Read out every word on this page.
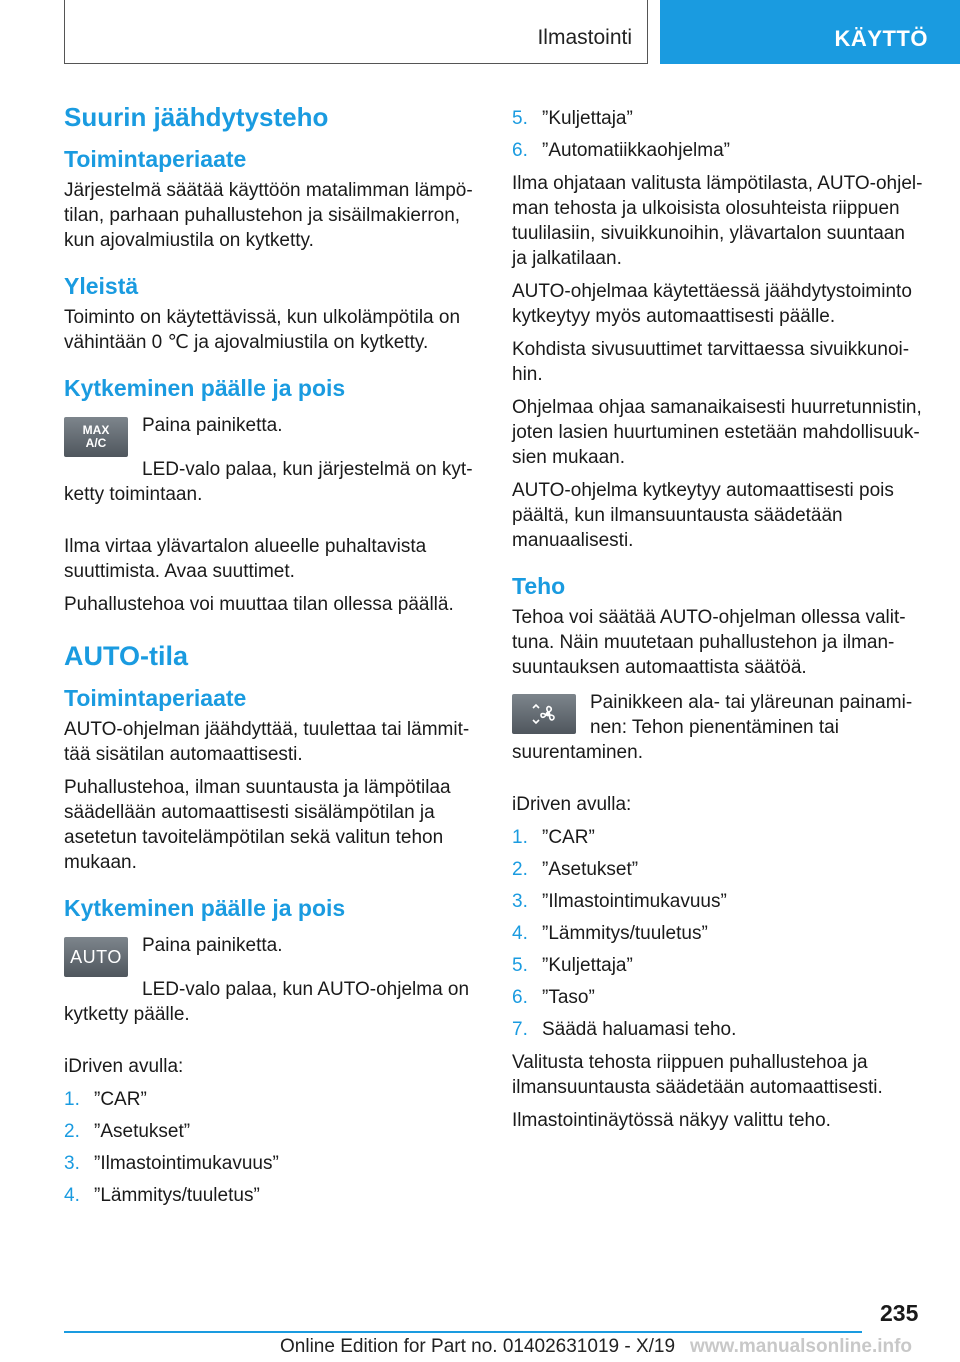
Ilmastointi	KÄYTTÖ
Suurin jäähdytysteho
Toimintaperiaate

Järjestelmä säätää käyttöön matalimman lämpötilan, parhaan puhallustehon ja sisäilmakierron, kun ajovalmiustila on kytketty.

Yleistä

Toiminto on käytettävissä, kun ulkolämpötila on vähintään 0 ℃ ja ajovalmiustila on kytketty.

Kytkeminen päälle ja pois
MAX
A/C

Paina painiketta.

LED-valo palaa, kun järjestelmä on kytketty toimintaan.

Ilma virtaa ylävartalon alueelle puhaltavista suuttimista. Avaa suuttimet.

Puhallustehoa voi muuttaa tilan ollessa päällä.

AUTO-tila
Toimintaperiaate

AUTO-ohjelman jäähdyttää, tuulettaa tai lämmittää sisätilan automaattisesti.

Puhallustehoa, ilman suuntausta ja lämpötilaa säädellään automaattisesti sisälämpötilan ja asetetun tavoitelämpötilan sekä valitun tehon mukaan.

Kytkeminen päälle ja pois
AUTO

Paina painiketta.

LED-valo palaa, kun AUTO-ohjelma on kytketty päälle.

iDriven avulla:

1. ”CAR”
2. ”Asetukset”
3. ”Ilmastointimukavuus”
4. ”Lämmitys/tuuletus”
5. ”Kuljettaja”
6. ”Automatiikkaohjelma”

Ilma ohjataan valitusta lämpötilasta, AUTO-ohjelman tehosta ja ulkoisista olosuhteista riippuen tuulilasiin, sivuikkunoihin, ylävartalon suuntaan ja jalkatilaan.

AUTO-ohjelmaa käytettäessä jäähdytystoiminto kytkeytyy myös automaattisesti päälle.

Kohdista sivusuuttimet tarvittaessa sivuikkunoihin.

Ohjelmaa ohjaa samanaikaisesti huurretunnistin, joten lasien huurtuminen estetään mahdollisuuksien mukaan.

AUTO-ohjelma kytkeytyy automaattisesti pois päältä, kun ilmansuuntausta säädetään manuaalisesti.

Teho

Tehoa voi säätää AUTO-ohjelman ollessa valittuna. Näin muutetaan puhallustehon ja ilmansuuntauksen automaattista säätöä.

Painikkeen ala- tai yläreunan painaminen: Tehon pienentäminen tai suurentaminen.

iDriven avulla:

1. ”CAR”
2. ”Asetukset”
3. ”Ilmastointimukavuus”
4. ”Lämmitys/tuuletus”
5. ”Kuljettaja”
6. ”Taso”
7. Säädä haluamasi teho.

Valitusta tehosta riippuen puhallustehoa ja ilmansuuntausta säädetään automaattisesti.

Ilmastointinäytössä näkyy valittu teho.

235
Online Edition for Part no. 01402631019 - X/19 www.manualsonline.info
